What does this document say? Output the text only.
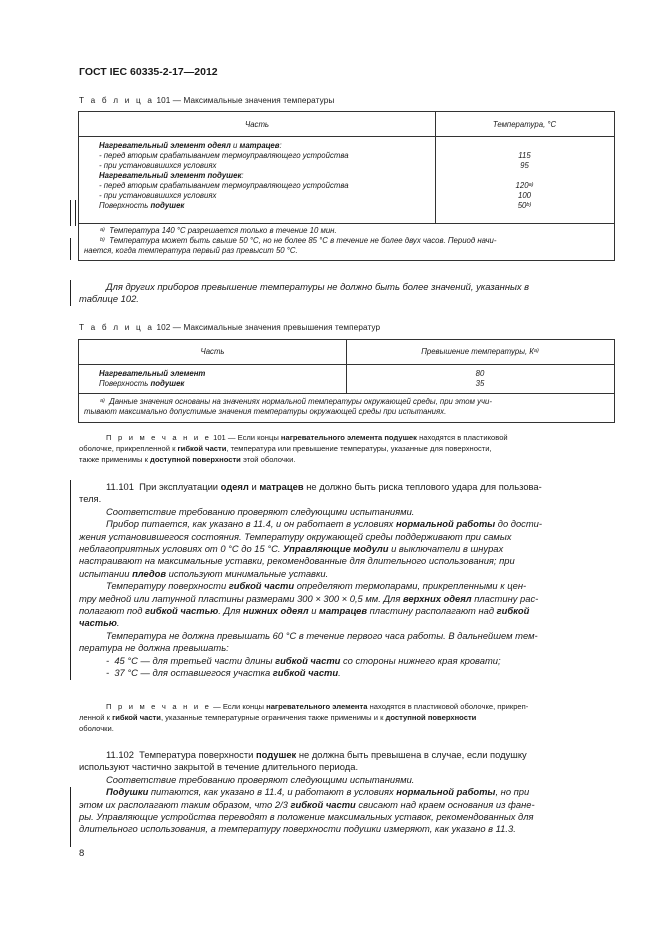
ГОСТ IEC 60335-2-17—2012
Т а б л и ц а 101 — Максимальные значения температуры
Часть	Температура, °С
Нагревательный элемент одеял и матрацев:
- перед вторым срабатыванием термоуправляющего устройства
- при установившихся условиях
Нагревательный элемент подушек:
- перед вторым срабатыванием термоуправляющего устройства
- при установившихся условиях
Поверхность подушек

115
95

$120^{а)}$
100
50$^{b)}$
$^{а)}$ Температура 140 °С разрешается только в течение 10 мин.
$^{b)}$ Температура может быть свыше 50 °С, но не более 85 °С в течение не более двух часов. Период начи-
нается, когда температура первый раз превысит 50 °С.
Для других приборов превышение температуры не должно быть более значений, указанных в
таблице 102.
Т а б л и ц а 102 — Максимальные значения превышения температур
Часть	Превышение температуры, $К^{а)}$
Нагревательный элемент
Поверхность подушек
80
35
$^{а)}$ Данные значения основаны на значениях нормальной температуры окружающей среды, при этом учи-
тывают максимально допустимые значения температуры окружающей среды при испытаниях.
П р и м е ч а н и е 101 — Если концы нагревательного элемента подушек находятся в пластиковой
оболочке, прикрепленной к гибкой части, температура или превышение температуры, указанные для поверхности,
также применимы к доступной поверхности этой оболочки.
11.101  При эксплуатации одеял и матрацев не должно быть риска теплового удара для пользова-
теля.
Соответствие требованию проверяют следующими испытаниями.
Прибор питается, как указано в 11.4, и он работает в условиях нормальной работы до дости-
жения установившегося состояния. Температуру окружающей среды поддерживают при самых
неблагоприятных условиях от 0 °С до 15 °С. Управляющие модули и выключатели в шнурах
настраивают на максимальные уставки, рекомендованные для длительного использования; при
испытании пледов используют минимальные уставки.
Температуру поверхности гибкой части определяют термопарами, прикрепленными к цен-
тру медной или латунной пластины размерами 300 × 300 × 0,5 мм. Для верхних одеял пластину рас-
полагают под гибкой частью. Для нижних одеял и матрацев пластину располагают над гибкой
частью.
Температура не должна превышать 60 °С в течение первого часа работы. В дальнейшем тем-
пература не должна превышать:
-  45 °С — для третьей части длины гибкой части со стороны нижнего края кровати;
-  37 °С — для оставшегося участка гибкой части.
П р и м е ч а н и е — Если концы нагревательного элемента находятся в пластиковой оболочке, прикреп-
ленной к гибкой части, указанные температурные ограничения также применимы и к доступной поверхности
оболочки.
11.102  Температура поверхности подушек не должна быть превышена в случае, если подушку
используют частично закрытой в течение длительного периода.
Соответствие требованию проверяют следующими испытаниями.
Подушки питаются, как указано в 11.4, и работают в условиях нормальной работы, но при
этом их располагают таким образом, что 2/3 гибкой части свисают над краем основания из фане-
ры. Управляющие устройства переводят в положение максимальных уставок, рекомендованных для
длительного использования, а температуру поверхности подушки измеряют, как указано в 11.3.
8
